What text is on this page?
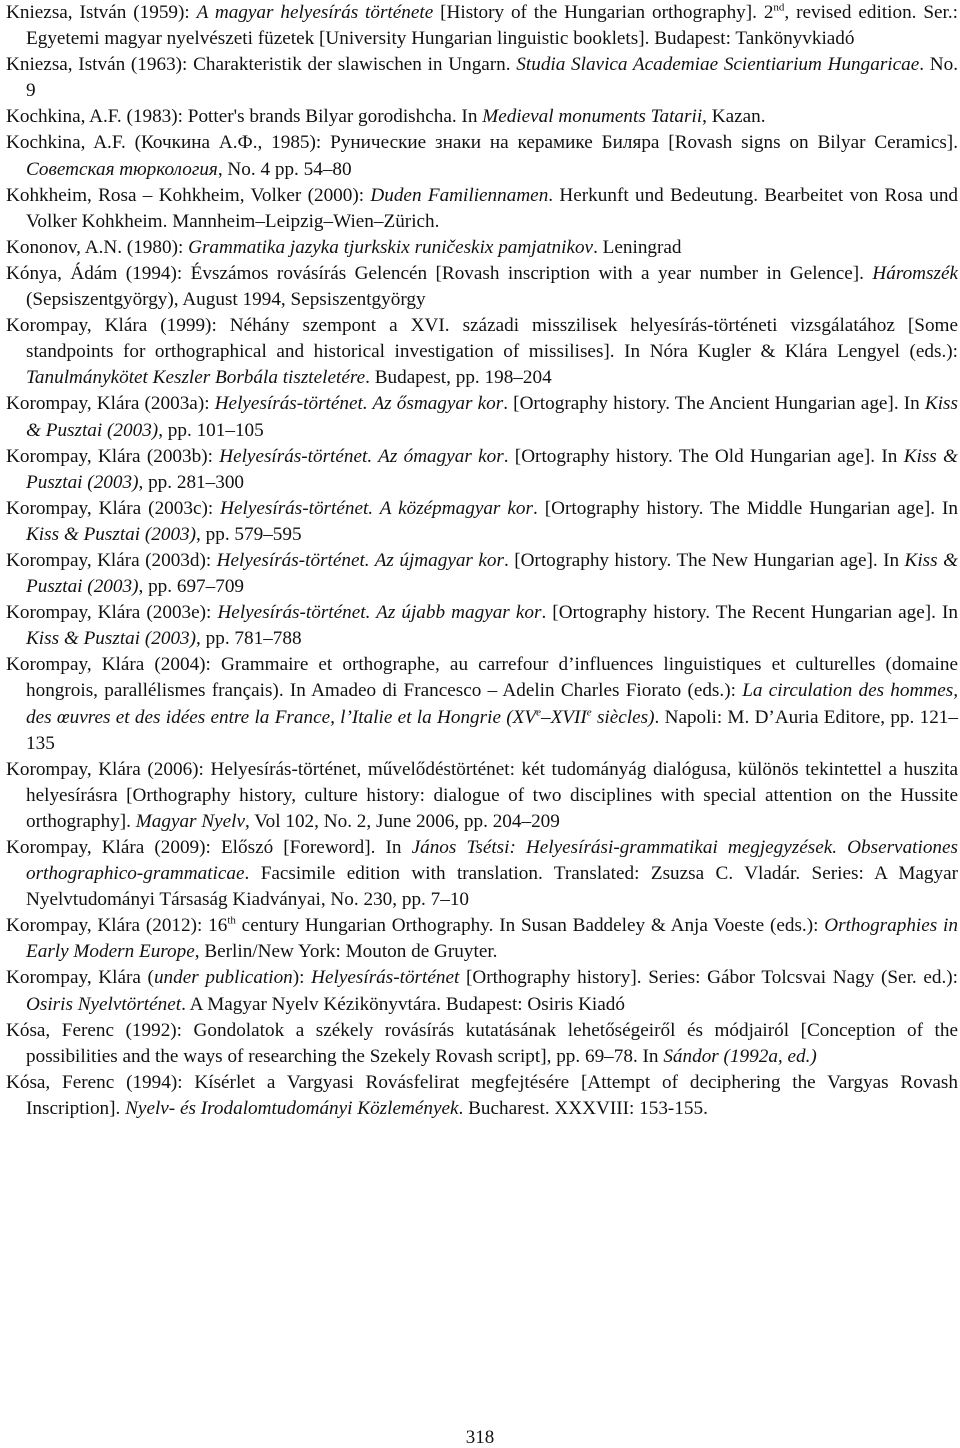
Kniezsa, István (1959): A magyar helyesírás története [History of the Hungarian orthography]. 2nd, revised edition. Ser.: Egyetemi magyar nyelvészeti füzetek [University Hungarian linguistic booklets]. Budapest: Tankönyvkiadó

Kniezsa, István (1963): Charakteristik der slawischen in Ungarn. Studia Slavica Academiae Scientiarium Hungaricae. No. 9

Kochkina, A.F. (1983): Potter's brands Bilyar gorodishcha. In Medieval monuments Tatarii, Kazan.

Kochkina, A.F. (Кочкина А.Ф., 1985): Рунические знаки на керамике Биляра [Rovash signs on Bilyar Ceramics]. Советская тюркология, No. 4 pp. 54–80

Kohkheim, Rosa – Kohkheim, Volker (2000): Duden Familiennamen. Herkunft und Bedeutung. Bearbeitet von Rosa und Volker Kohkheim. Mannheim–Leipzig–Wien–Zürich.

Kononov, A.N. (1980): Grammatika jazyka tjurkskix runičeskix pamjatnikov. Leningrad

Kónya, Ádám (1994): Évszámos rovásírás Gelencén [Rovash inscription with a year number in Gelence]. Háromszék (Sepsiszentgyörgy), August 1994, Sepsiszentgyörgy

Korompay, Klára (1999): Néhány szempont a XVI. századi misszilisek helyesírás-történeti vizsgálatához [Some standpoints for orthographical and historical investigation of missilises]. In Nóra Kugler & Klára Lengyel (eds.): Tanulmánykötet Keszler Borbála tiszteletére. Budapest, pp. 198–204

Korompay, Klára (2003a): Helyesírás-történet. Az ősmagyar kor. [Ortography history. The Ancient Hungarian age]. In Kiss & Pusztai (2003), pp. 101–105

Korompay, Klára (2003b): Helyesírás-történet. Az ómagyar kor. [Ortography history. The Old Hungarian age]. In Kiss & Pusztai (2003), pp. 281–300

Korompay, Klára (2003c): Helyesírás-történet. A középmagyar kor. [Ortography history. The Middle Hungarian age]. In Kiss & Pusztai (2003), pp. 579–595

Korompay, Klára (2003d): Helyesírás-történet. Az újmagyar kor. [Ortography history. The New Hungarian age]. In Kiss & Pusztai (2003), pp. 697–709

Korompay, Klára (2003e): Helyesírás-történet. Az újabb magyar kor. [Ortography history. The Recent Hungarian age]. In Kiss & Pusztai (2003), pp. 781–788

Korompay, Klára (2004): Grammaire et orthographe, au carrefour d’influences linguistiques et culturelles (domaine hongrois, parallélismes français). In Amadeo di Francesco – Adelin Charles Fiorato (eds.): La circulation des hommes, des œuvres et des idées entre la France, l’Italie et la Hongrie (XVe–XVIIe siècles). Napoli: M. D’Auria Editore, pp. 121–135

Korompay, Klára (2006): Helyesírás-történet, művelődéstörténet: két tudományág dialógusa, különös tekintettel a huszita helyesírásra [Orthography history, culture history: dialogue of two disciplines with special attention on the Hussite orthography]. Magyar Nyelv, Vol 102, No. 2, June 2006, pp. 204–209

Korompay, Klára (2009): Előszó [Foreword]. In János Tsétsi: Helyesírási-grammatikai megjegyzések. Observationes orthographico-grammaticae. Facsimile edition with translation. Translated: Zsuzsa C. Vladár. Series: A Magyar Nyelvtudományi Társaság Kiadványai, No. 230, pp. 7–10

Korompay, Klára (2012): 16th century Hungarian Orthography. In Susan Baddeley & Anja Voeste (eds.): Orthographies in Early Modern Europe, Berlin/New York: Mouton de Gruyter.

Korompay, Klára (under publication): Helyesírás-történet [Orthography history]. Series: Gábor Tolcsvai Nagy (Ser. ed.): Osiris Nyelvtörténet. A Magyar Nyelv Kézikönyvtára. Budapest: Osiris Kiadó

Kósa, Ferenc (1992): Gondolatok a székely rovásírás kutatásának lehetőségeiről és módjairól [Conception of the possibilities and the ways of researching the Szekely Rovash script], pp. 69–78. In Sándor (1992a, ed.)

Kósa, Ferenc (1994): Kísérlet a Vargyasi Rovásfelirat megfejtésére [Attempt of deciphering the Vargyas Rovash Inscription]. Nyelv- és Irodalomtudományi Közlemények. Bucharest. XXXVIII: 153-155.

318
